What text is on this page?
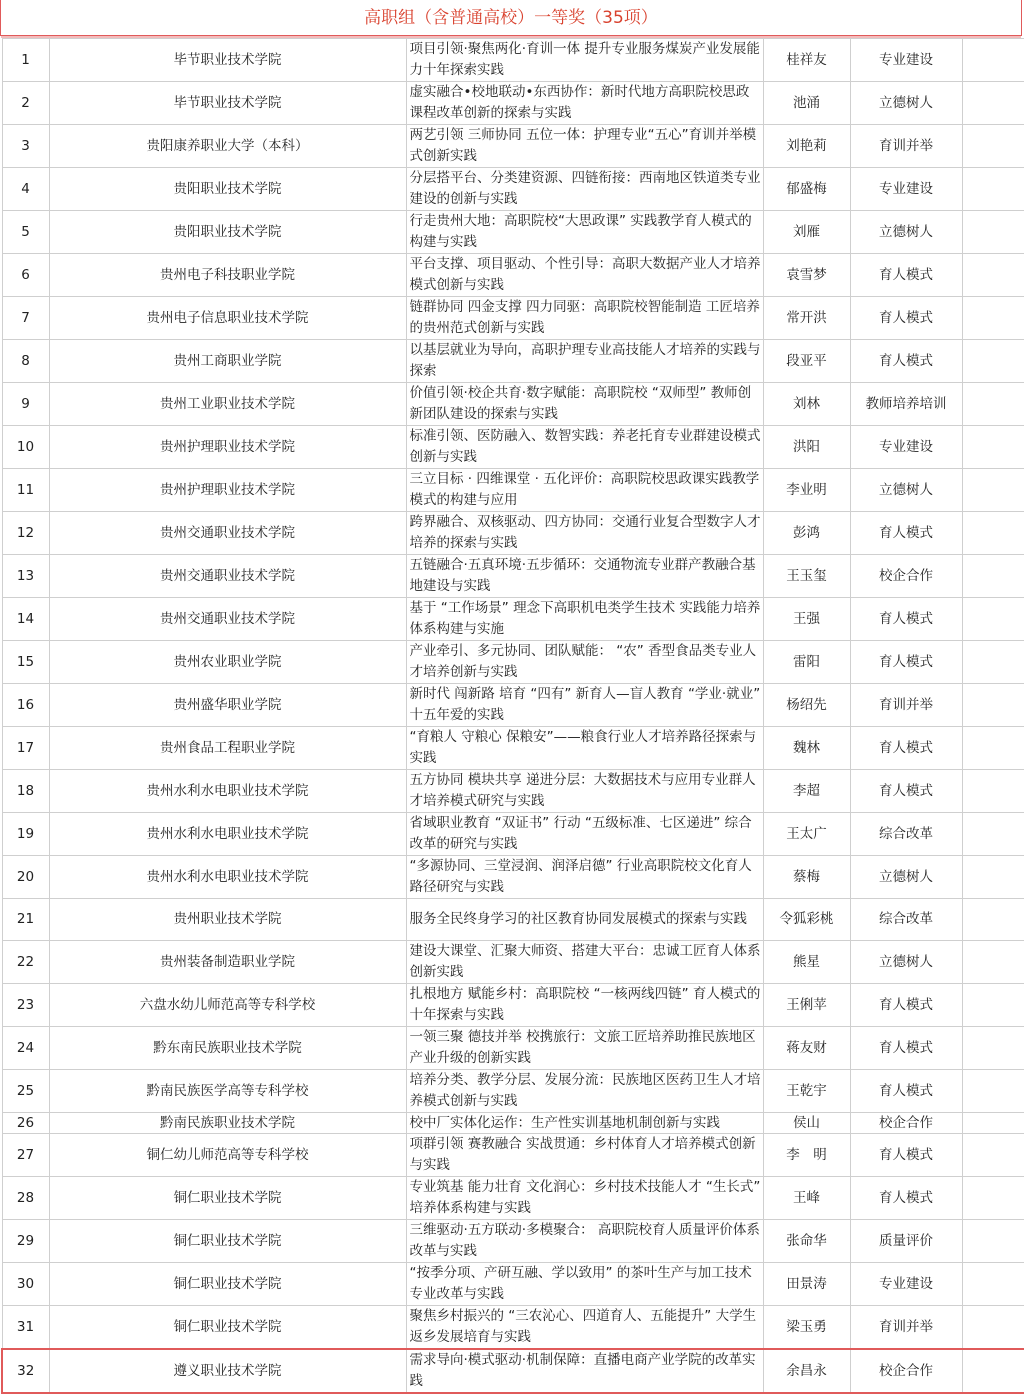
高职组（含普通高校）一等奖（35项）
1	毕节职业技术学院	项目引领·聚焦两化·育训一体 提升专业服务煤炭产业发展能力十年探索实践	桂祥友	专业建设	
2	毕节职业技术学院	虚实融合•校地联动•东西协作：新时代地方高职院校思政课程改革创新的探索与实践	池涌	立德树人	
3	贵阳康养职业大学（本科）	两艺引领 三师协同 五位一体：护理专业“五心”育训并举模式创新实践	刘艳莉	育训并举	
4	贵阳职业技术学院	分层搭平台、分类建资源、四链衔接：西南地区铁道类专业建设的创新与实践	郁盛梅	专业建设	
5	贵阳职业技术学院	行走贵州大地：高职院校“大思政课” 实践教学育人模式的构建与实践	刘雁	立德树人	
6	贵州电子科技职业学院	平台支撑、项目驱动、个性引导：高职大数据产业人才培养模式创新与实践	袁雪梦	育人模式	
7	贵州电子信息职业技术学院	链群协同 四金支撑 四力同驱：高职院校智能制造 工匠培养的贵州范式创新与实践	常开洪	育人模式	
8	贵州工商职业学院	以基层就业为导向，高职护理专业高技能人才培养的实践与探索	段亚平	育人模式	
9	贵州工业职业技术学院	价值引领·校企共育·数字赋能：高职院校 “双师型” 教师创新团队建设的探索与实践	刘林	教师培养培训	
10	贵州护理职业技术学院	标准引领、医防融入、数智实践：养老托育专业群建设模式创新与实践	洪阳	专业建设	
11	贵州护理职业技术学院	三立目标 · 四维课堂 · 五化评价：高职院校思政课实践教学模式的构建与应用	李业明	立德树人	
12	贵州交通职业技术学院	跨界融合、双核驱动、四方协同：交通行业复合型数字人才培养的探索与实践	彭鸿	育人模式	
13	贵州交通职业技术学院	五链融合·五真环境·五步循环：交通物流专业群产教融合基地建设与实践	王玉玺	校企合作	
14	贵州交通职业技术学院	基于 “工作场景” 理念下高职机电类学生技术 实践能力培养体系构建与实施	王强	育人模式	
15	贵州农业职业学院	产业牵引、多元协同、团队赋能： “农” 香型食品类专业人才培养创新与实践	雷阳	育人模式	
16	贵州盛华职业学院	新时代 闯新路 培育 “四有” 新育人—盲人教育 “学业·就业” 十五年爱的实践	杨绍先	育训并举	
17	贵州食品工程职业学院	“育粮人 守粮心 保粮安”——粮食行业人才培养路径探索与实践	魏林	育人模式	
18	贵州水利水电职业技术学院	五方协同 模块共享 递进分层：大数据技术与应用专业群人才培养模式研究与实践	李超	育人模式	
19	贵州水利水电职业技术学院	省域职业教育 “双证书” 行动 “五级标准、七区递进” 综合改革的研究与实践	王太广	综合改革	
20	贵州水利水电职业技术学院	“多源协同、三堂浸润、润泽启德” 行业高职院校文化育人路径研究与实践	蔡梅	立德树人	
21	贵州职业技术学院	服务全民终身学习的社区教育协同发展模式的探索与实践	令狐彩桃	综合改革	
22	贵州装备制造职业学院	建设大课堂、汇聚大师资、搭建大平台：忠诚工匠育人体系创新实践	熊星	立德树人	
23	六盘水幼儿师范高等专科学校	扎根地方 赋能乡村：高职院校 “一核两线四链” 育人模式的十年探索与实践	王俐苹	育人模式	
24	黔东南民族职业技术学院	一领三聚 德技并举 校携旅行：文旅工匠培养助推民族地区产业升级的创新实践	蒋友财	育人模式	
25	黔南民族医学高等专科学校	培养分类、教学分层、发展分流：民族地区医药卫生人才培养模式创新与实践	王乾宇	育人模式	
26	黔南民族职业技术学院	校中厂实体化运作：生产性实训基地机制创新与实践	侯山	校企合作	
27	铜仁幼儿师范高等专科学校	项群引领 赛教融合 实战贯通：乡村体育人才培养模式创新与实践	李　明	育人模式	
28	铜仁职业技术学院	专业筑基 能力壮育 文化润心：乡村技术技能人才 “生长式” 培养体系构建与实践	王峰	育人模式	
29	铜仁职业技术学院	三维驱动·五方联动·多模聚合： 高职院校育人质量评价体系改革与实践	张命华	质量评价	
30	铜仁职业技术学院	“按季分项、产研互融、学以致用” 的茶叶生产与加工技术专业改革与实践	田景涛	专业建设	
31	铜仁职业技术学院	聚焦乡村振兴的 “三农沁心、四道育人、五能提升” 大学生返乡发展培育与实践	梁玉勇	育训并举	
32	遵义职业技术学院	需求导向·模式驱动·机制保障：直播电商产业学院的改革实践	余昌永	校企合作	
